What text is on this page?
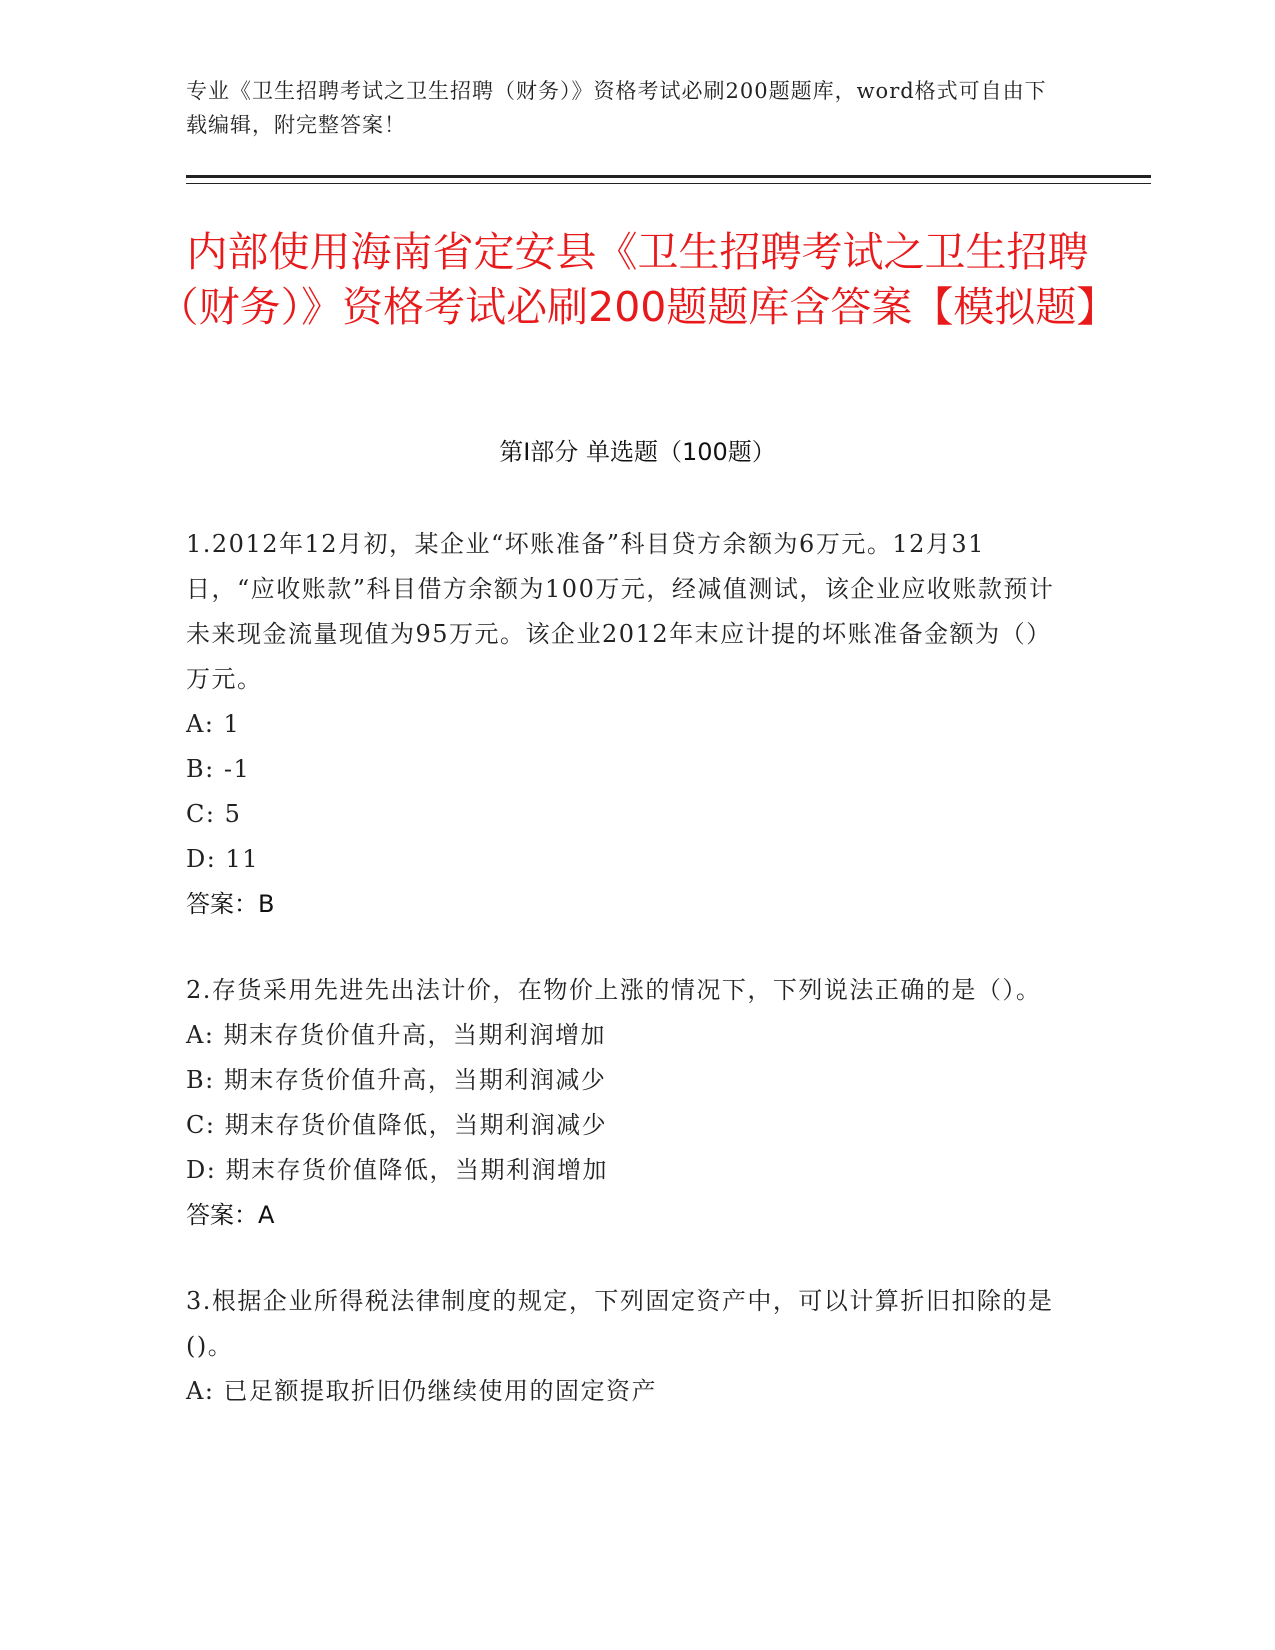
专业《卫生招聘考试之卫生招聘（财务）》资格考试必刷200题题库，word格式可自由下载编辑，附完整答案！
内部使用海南省定安县《卫生招聘考试之卫生招聘（财务）》资格考试必刷200题题库含答案【模拟题】
第I部分 单选题（100题）
1.2012年12月初，某企业“坏账准备”科目贷方余额为6万元。12月31日，“应收账款”科目借方余额为100万元，经减值测试，该企业应收账款预计未来现金流量现值为95万元。该企业2012年末应计提的坏账准备金额为（）万元。
A: 1
B: -1
C: 5
D: 11
答案：B
2.存货采用先进先出法计价，在物价上涨的情况下，下列说法正确的是（）。
A: 期末存货价值升高，当期利润增加
B: 期末存货价值升高，当期利润减少
C: 期末存货价值降低，当期利润减少
D: 期末存货价值降低，当期利润增加
答案：A
3.根据企业所得税法律制度的规定，下列固定资产中，可以计算折旧扣除的是()。
A: 已足额提取折旧仍继续使用的固定资产
